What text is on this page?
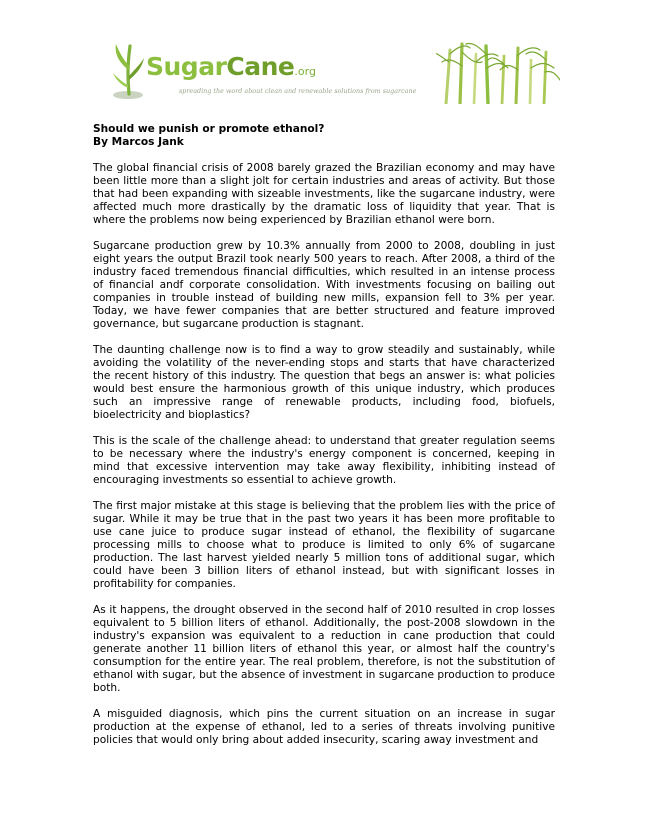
SugarCane.org
spreading the word about clean and renewable solutions from sugarcane

Should we punish or promote ethanol?

By Marcos Jank

The global financial crisis of 2008 barely grazed the Brazilian economy and may have been little more than a slight jolt for certain industries and areas of activity. But those that had been expanding with sizeable investments, like the sugarcane industry, were affected much more drastically by the dramatic loss of liquidity that year. That is where the problems now being experienced by Brazilian ethanol were born.

Sugarcane production grew by 10.3% annually from 2000 to 2008, doubling in just eight years the output Brazil took nearly 500 years to reach. After 2008, a third of the industry faced tremendous financial difficulties, which resulted in an intense process of financial andf corporate consolidation. With investments focusing on bailing out companies in trouble instead of building new mills, expansion fell to 3% per year. Today, we have fewer companies that are better structured and feature improved governance, but sugarcane production is stagnant.

The daunting challenge now is to find a way to grow steadily and sustainably, while avoiding the volatility of the never-ending stops and starts that have characterized the recent history of this industry. The question that begs an answer is: what policies would best ensure the harmonious growth of this unique industry, which produces such an impressive range of renewable products, including food, biofuels, bioelectricity and bioplastics?

This is the scale of the challenge ahead: to understand that greater regulation seems to be necessary where the industry's energy component is concerned, keeping in mind that excessive intervention may take away flexibility, inhibiting instead of encouraging investments so essential to achieve growth.

The first major mistake at this stage is believing that the problem lies with the price of sugar. While it may be true that in the past two years it has been more profitable to use cane juice to produce sugar instead of ethanol, the flexibility of sugarcane processing mills to choose what to produce is limited to only 6% of sugarcane production. The last harvest yielded nearly 5 million tons of additional sugar, which could have been 3 billion liters of ethanol instead, but with significant losses in profitability for companies.

As it happens, the drought observed in the second half of 2010 resulted in crop losses equivalent to 5 billion liters of ethanol. Additionally, the post-2008 slowdown in the industry's expansion was equivalent to a reduction in cane production that could generate another 11 billion liters of ethanol this year, or almost half the country's consumption for the entire year. The real problem, therefore, is not the substitution of ethanol with sugar, but the absence of investment in sugarcane production to produce both.

A misguided diagnosis, which pins the current situation on an increase in sugar production at the expense of ethanol, led to a series of threats involving punitive policies that would only bring about added insecurity, scaring away investment and
